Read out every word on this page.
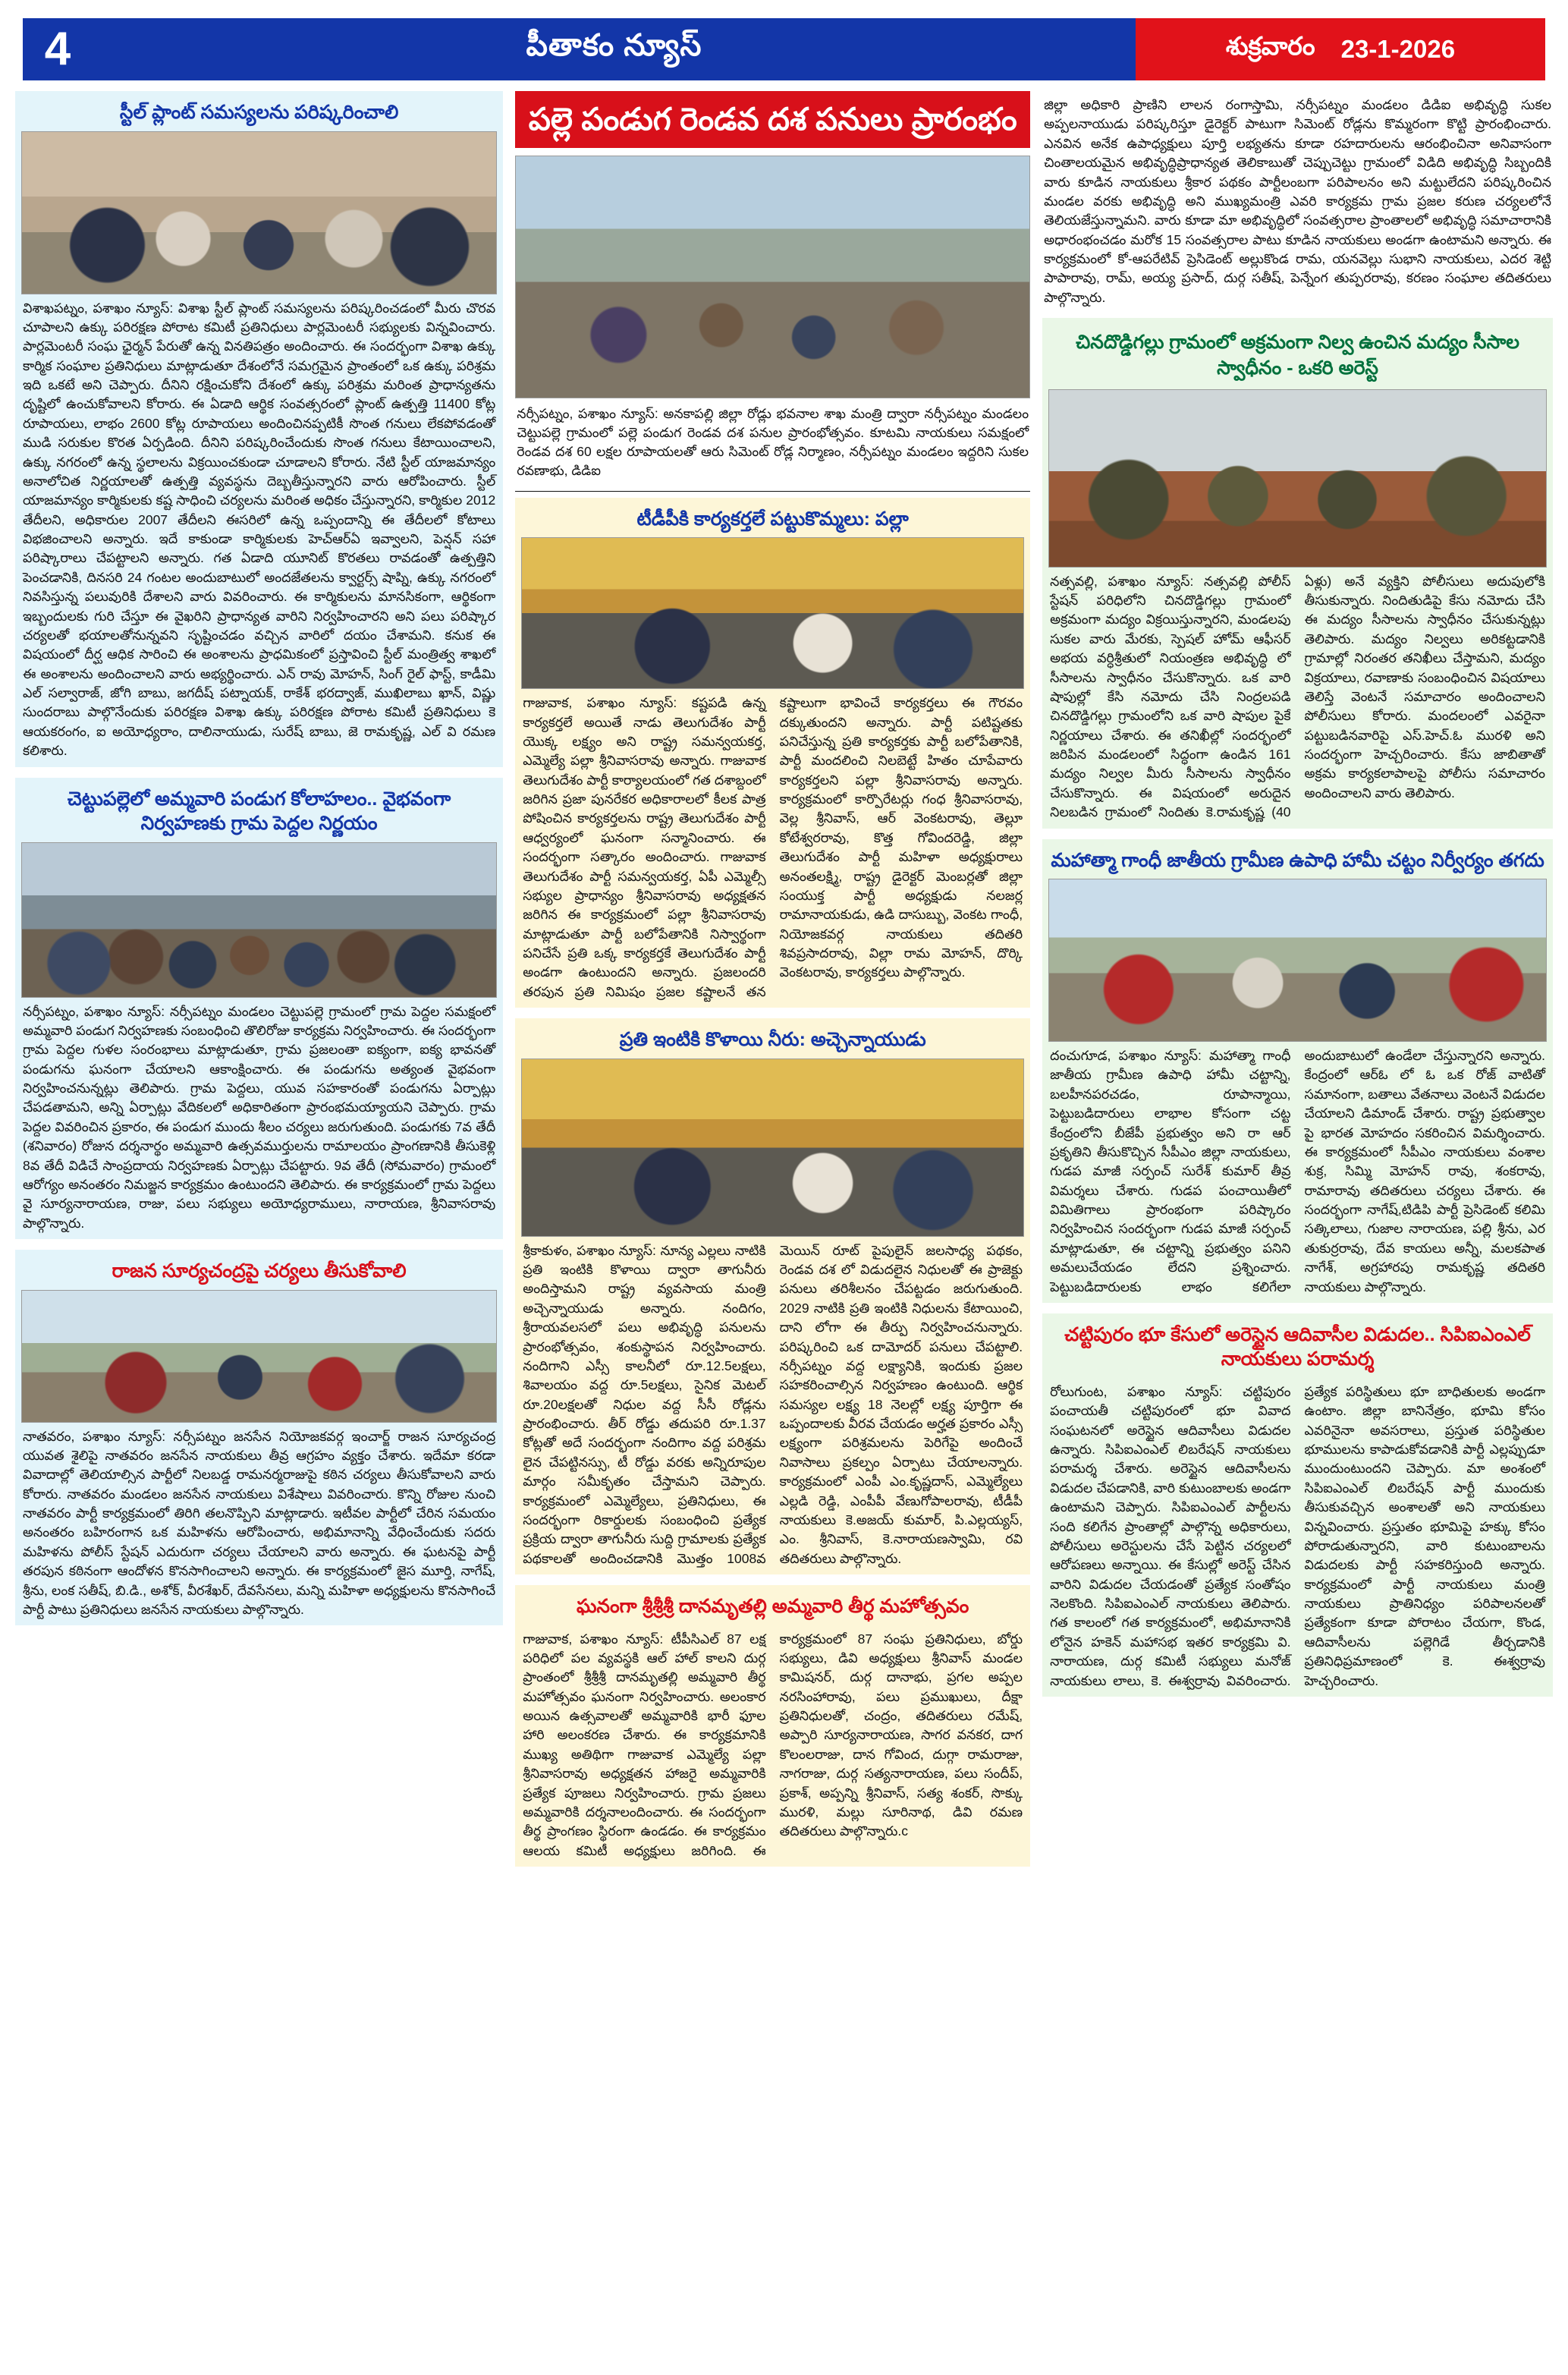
4	పీతాకం న్యూస్	శుక్రవారం 23-1-2026
స్టీల్ ప్లాంట్ సమస్యలను పరిష్కరించాలి
విశాఖపట్నం, పశాఖం న్యూస్: విశాఖ స్టీల్ ప్లాంట్ సమస్యలను పరిష్కరించడంలో మీరు చొరవ చూపాలని ఉక్కు పరిరక్షణ పోరాట కమిటీ ప్రతినిధులు పార్లమెంటరీ సభ్యులకు విన్నవించారు. పార్లమెంటరీ సంఘ ఛైర్మన్ పేరుతో ఉన్న వినతిపత్రం అందించారు. ఈ సందర్భంగా విశాఖ ఉక్కు కార్మిక సంఘాల ప్రతినిధులు మాట్లాడుతూ దేశంలోనే సమగ్రమైన ప్రాంతంలో ఒక ఉక్కు పరిశ్రమ ఇది ఒకటే అని చెప్పారు. దీనిని రక్షించుకోని దేశంలో ఉక్కు పరిశ్రమ మరింత ప్రాధాన్యతను దృష్టిలో ఉంచుకోవాలని కోరారు. ఈ ఏడాది ఆర్థిక సంవత్సరంలో ప్లాంట్ ఉత్పత్తి 11400 కోట్ల రూపాయలు, లాభం 2600 కోట్ల రూపాయలు అందించినప్పటికీ సొంత గనులు లేకపోవడంతో ముడి సరుకుల కొరత ఏర్పడింది. దీనిని పరిష్కరించేందుకు సొంత గనులు కేటాయించాలని, ఉక్కు నగరంలో ఉన్న స్థలాలను విక్రయించకుండా చూడాలని కోరారు. నేటి స్టీల్ యాజమాన్యం అనాలోచిత నిర్ణయాలతో ఉత్పత్తి వ్యవస్థను దెబ్బతీస్తున్నారని వారు ఆరోపించారు. స్టీల్ యాజమాన్యం కార్మికులకు కష్ట సాధించి చర్యలను మరింత అధికం చేస్తున్నారని, కార్మికుల 2012 తేదీలని, అధికారుల 2007 తేదీలని ఈసరిలో ఉన్న ఒప్పందాన్ని ఈ తేదీలలో కోటాలు విభజించాలని అన్నారు. ఇదే కాకుండా కార్మికులకు హెచ్ఆర్ఏ ఇవ్వాలని, పెన్షన్ సహా పరిష్కారాలు చేపట్టాలని అన్నారు. గత ఏడాది యూనిట్ కొరతలు రావడంతో ఉత్పత్తిని పెంచడానికి, దినసరి 24 గంటల అందుబాటులో అందజేతలను క్వార్టర్స్ షాప్ని, ఉక్కు నగరంలో నివసిస్తున్న పలువురికి దేశాలని వారు వివరించారు. ఈ కార్మికులను మానసికంగా, ఆర్థికంగా ఇబ్బందులకు గురి చేస్తూ ఈ వైఖరిని ప్రాధాన్యత వారిని నిర్వహించారని అని పలు పరిష్కార చర్యలతో భయాలతోనున్నవని సృష్టించడం వచ్చిన వారిలో దయం చేశామని. కనుక ఈ విషయంలో దీర్ఘ ఆధిక సారించి ఈ అంశాలను ప్రాధమికంలో ప్రస్తావించి స్టీల్ మంత్రిత్వ శాఖలో ఈ అంశాలను అందించాలని వారు అభ్యర్థించారు. ఎన్ రావు మోహన్, సింగ్ రైల్ ఫాస్ట్, కాడీమి ఎల్ సల్వారాజ్, జోగి బాబు, జగదీష్ పట్నాయక్, రాకేశ్ భరద్వాజ్, ముఖిలాబు ఖాన్, విష్ణు సుందరాబు పాల్గొనేందుకు పరిరక్షణ విశాఖ ఉక్కు పరిరక్షణ పోరాట కమిటీ ప్రతినిధులు కె ఆయకరంగం, ఐ అయోధ్యరాం, దాలినాయుడు, సురేష్ బాబు, జె రామకృష్ణ, ఎల్ వి రమణ కలిశారు.
చెట్టుపల్లెలో అమ్మవారి పండుగ కోలాహలం.. వైభవంగా నిర్వహణకు గ్రామ పెద్దల నిర్ణయం
నర్సీపట్నం, పశాఖం న్యూస్: నర్సీపట్నం మండలం చెట్టుపల్లె గ్రామంలో గ్రామ పెద్దల సమక్షంలో అమ్మవారి పండుగ నిర్వహణకు సంబంధించి తొలిరోజు కార్యక్రమ నిర్వహించారు. ఈ సందర్భంగా గ్రామ పెద్దల గుళల సంరంభాలు మాట్లాడుతూ, గ్రామ ప్రజలంతా ఐక్యంగా, ఐక్య భావనతో పండుగను ఘనంగా చేయాలని ఆకాంక్షించారు. ఈ పండుగను అత్యంత వైభవంగా నిర్వహించనున్నట్లు తెలిపారు. గ్రామ పెద్దలు, యువ సహకారంతో పండుగను ఏర్పాట్లు చేపడతామని, అన్ని ఏర్పాట్లు వేదికలలో అధికారితంగా ప్రారంభమయ్యాయని చెప్పారు. గ్రామ పెద్దల వివరించిన ప్రకారం, ఈ పండుగ ముందు శీలం చర్యలు జరుగుతుంది. పండుగకు 7వ తేదీ (శనివారం) రోజున దర్శనార్థం అమ్మవారి ఉత్సవముర్తులను రామాలయం ప్రాంగణానికి తీసుకెళ్లి 8వ తేదీ విడిచే సాంప్రదాయ నిర్వహణకు ఏర్పాట్లు చేపట్టారు. 9వ తేదీ (సోమవారం) గ్రామంలో ఆరోగ్యం అనంతరం నిమజ్జన కార్యక్రమం ఉంటుందని తెలిపారు. ఈ కార్యక్రమంలో గ్రామ పెద్దలు వై సూర్యనారాయణ, రాజు, పలు సభ్యులు అయోధ్యరాములు, నారాయణ, శ్రీనివాసరావు పాల్గొన్నారు.
రాజన సూర్యచంద్రపై చర్యలు తీసుకోవాలి
నాతవరం, పశాఖం న్యూస్: నర్సీపట్నం జనసేన నియోజకవర్గ ఇంచార్జ్ రాజన సూర్యచంద్ర యువత శైలిపై నాతవరం జనసేన నాయకులు తీవ్ర ఆగ్రహం వ్యక్తం చేశారు. ఇదేమా కరడా వివాదాల్లో తెలియాల్సిన పార్టీలో నిలబడ్డ రామనర్మరాజుపై కఠిన చర్యలు తీసుకోవాలని వారు కోరారు. నాతవరం మండలం జనసేన నాయకులు విశేషాలు వివరించారు. కొన్ని రోజుల నుంచి నాతవరం పార్టీ కార్యక్రమంలో తిరిగి తలనొప్పిని మాట్లాడారు. ఇటీవల పార్టీలో చేరిన సమయం అనంతరం బహిరంగాన ఒక మహిళను ఆరోపించారు, అభిమానాన్ని వేధించేందుకు సదరు మహిళను పోలీస్ స్టేషన్ ఎదురుగా చర్యలు చేయాలని వారు అన్నారు. ఈ ఘటనపై పార్టీ తరపున కఠినంగా ఆందోళన కొనసాగించాలని అన్నారు. ఈ కార్యక్రమంలో జైస మూర్తి, నాగేష్, శ్రీను, లంక సతీష్, బి.డి., అశోక్, వీరశేఖర్, దేవసేనలు, మన్ని మహిళా అధ్యక్షులను కొనసాగించే పార్టీ పాటు ప్రతినిధులు జనసేన నాయకులు పాల్గొన్నారు.
పల్లె పండుగ రెండవ దశ పనులు ప్రారంభం
నర్సీపట్నం, పశాఖం న్యూస్: అనకాపల్లి జిల్లా రోడ్లు భవనాల శాఖ మంత్రి ద్వారా నర్సీపట్నం మండలం చెట్టుపల్లె గ్రామంలో పల్లె పండుగ రెండవ దశ పనుల ప్రారంభోత్సవం. కూటమి నాయకులు సమక్షంలో రెండవ దశ 60 లక్షల రూపాయలతో ఆరు సిమెంట్ రోడ్ల నిర్మాణం, నర్సీపట్నం మండలం ఇద్దరిని సుకల రవణాభు, డిడిఐ
టీడీపీకి కార్యకర్తలే పట్టుకొమ్మలు: పల్లా
గాజువాక, పశాఖం న్యూస్: కష్టపడి ఉన్న కార్యకర్తలే అయితే నాడు తెలుగుదేశం పార్టీ యొక్క లక్ష్యం అని రాష్ట్ర సమన్వయకర్త, ఎమ్మెల్యే పల్లా శ్రీనివాసరావు అన్నారు. గాజువాక తెలుగుదేశం పార్టీ కార్యాలయంలో గత దశాబ్దంలో జరిగిన ప్రజా పునరేకర అధికారాలలో కీలక పాత్ర పోషించిన కార్యకర్తలను రాష్ట్ర తెలుగుదేశం పార్టీ ఆధ్వర్యంలో ఘనంగా సన్మానించారు. ఈ సందర్భంగా సత్కారం అందించారు. గాజువాక తెలుగుదేశం పార్టీ సమన్వయకర్త, ఏపీ ఎమ్మెల్సీ సభ్యుల ప్రాధాన్యం శ్రీనివాసరావు అధ్యక్షతన జరిగిన ఈ కార్యక్రమంలో పల్లా శ్రీనివాసరావు మాట్లాడుతూ పార్టీ బలోపేతానికి నిస్వార్థంగా పనిచేసే ప్రతి ఒక్క కార్యకర్తకే తెలుగుదేశం పార్టీ అండగా ఉంటుందని అన్నారు. ప్రజలందరి తరపున ప్రతి నిమిషం ప్రజల కష్టాలనే తన కష్టాలుగా భావించే కార్యకర్తలు ఈ గౌరవం దక్కుతుందని అన్నారు. పార్టీ పటిష్టతకు పనిచేస్తున్న ప్రతి కార్యకర్తకు పార్టీ బలోపేతానికి, పార్టీ మందలించి నిలబెట్టే హితం చూపేవారు కార్యకర్తలని పల్లా శ్రీనివాసరావు అన్నారు. కార్యక్రమంలో కార్పొరేటర్లు గంధ శ్రీనివాసరావు, వెల్ల శ్రీనివాస్, ఆర్ వెంకటరావు, తెల్లూ కోటేశ్వరరావు, కొత్త గోవిందరెడ్డి, జిల్లా తెలుగుదేశం పార్టీ మహిళా అధ్యక్షురాలు అనంతలక్ష్మి, రాష్ట్ర డైరెక్టర్ మెంబర్లతో జిల్లా సంయుక్త పార్టీ అధ్యక్షుడు నలజర్ల రామానాయకుడు, ఉడి దాసుబ్బు, వెంకట గాంధీ, నియోజకవర్గ నాయకులు తదితరి శివప్రసాదరావు, విల్లా రామ మోహన్, దొర్కి వెంకటరావు, కార్యకర్తలు పాల్గొన్నారు.
ప్రతి ఇంటికి కొళాయి నీరు: అచ్చెన్నాయుడు
శ్రీకాకుళం, పశాఖం న్యూస్: నూన్య ఎల్లలు నాటికి ప్రతి ఇంటికి కొళాయి ద్వారా తాగునీరు అందిస్తామని రాష్ట్ర వ్యవసాయ మంత్రి అచ్చెన్నాయుడు అన్నారు. నందిగం, శ్రీరాయవలసలో పలు అభివృద్ధి పనులను ప్రారంభోత్సవం, శంకుస్థాపన నిర్వహించారు. నందిగాని ఎస్సీ కాలనీలో రూ.12.5లక్షలు, శివాలయం వద్ద రూ.5లక్షలు, సైనిక మెటల్ రూ.20లక్షలతో నిధుల వద్ద సీసీ రోడ్లను ప్రారంభించారు. తీర్ రోడ్డు తదుపరి రూ.1.37 కోట్లతో అదే సందర్భంగా నందిగాం వద్ద పరిశ్రమ లైన చేపట్టినస్సు, టీ రోడ్డు వరకు అన్నిరూపుల మార్గం సమీకృతం చేస్తామని చెప్పారు. కార్యక్రమంలో ఎమ్మెల్యేలు, ప్రతినిధులు, ఈ సందర్భంగా రికార్డులకు సంబంధించి ప్రత్యేక ప్రక్రియ ద్వారా తాగునీరు సుద్ది గ్రామాలకు ప్రత్యేక పథకాలతో అందించడానికి మొత్తం 1008వ మెయిన్ రూట్ పైపులైన్ జలసాధ్య పథకం, రెండవ దశ లో విడుదలైన నిధులతో ఈ ప్రాజెక్టు పనులు తరిశీలనం చేపట్టడం జరుగుతుంది. 2029 నాటికి ప్రతి ఇంటికి నిధులను కేటాయించి, దాని లోగా ఈ తీర్పు నిర్వహించనున్నారు. పరిష్కరించి ఒక దామోదర్ పనులు చేపట్టాలి. నర్సీపట్నం వద్ద లక్ష్యానికి, ఇందుకు ప్రజల సహకరించాల్సిన నిర్వహణం ఉంటుంది. ఆర్థిక సమస్యల లక్ష్య 18 నెలల్లో లక్ష్య పూర్తిగా ఈ ఒప్పందాలకు వీరవ చేయడం అర్హత ప్రకారం ఎస్సీ లక్ష్యంగా పరిశ్రమలను పెరిగేపై అందించే నివాసాలు ప్రకల్పం ఏర్పాటు చేయాలన్నారు. కార్యక్రమంలో ఎంపీ ఎం.కృష్ణదాస్, ఎమ్మెల్యేలు ఎల్లడి రెడ్డి, ఎంపీపీ వేణుగోపాలరావు, టీడీపీ నాయకులు కె.అజయ్ కుమార్, పి.ఎల్లయ్యస్, ఎం. శ్రీనివాస్, కె.నారాయణస్వామి, రవి తదితరులు పాల్గొన్నారు.
ఘనంగా శ్రీశ్రీశ్రీ దానమృతల్లి అమ్మవారి తీర్థ మహోత్సవం
గాజువాక, పశాఖం న్యూస్: టీపీసిఎల్ 87 లక్ష పరిధిలో పల వ్యవస్థకి ఆల్ హాల్ కాలని దుర్గ ప్రాంతంలో శ్రీశ్రీశ్రీ దానమృతల్లి అమ్మవారి తీర్థ మహోత్సవం ఘనంగా నిర్వహించారు. అలంకార అయిన ఉత్సవాలతో అమ్మవారికి భారీ ఫూల హారి అలంకరణ చేశారు. ఈ కార్యక్రమానికి ముఖ్య అతిథిగా గాజువాక ఎమ్మెల్యే పల్లా శ్రీనివాసరావు అధ్యక్షతన హాజరై అమ్మవారికి ప్రత్యేక పూజలు నిర్వహించారు. గ్రామ ప్రజలు అమ్మవారికి దర్శనాలందించారు. ఈ సందర్భంగా తీర్థ ప్రాంగణం స్థిరంగా ఉండడం. ఈ కార్యక్రమం ఆలయ కమిటీ అధ్యక్షులు జరిగింది. ఈ కార్యక్రమంలో 87 సంఘ ప్రతినిధులు, బోర్డు సభ్యులు, డివి అధ్యక్షులు శ్రీనివాస్ మండల కామిషనర్, దుర్గ దానాభు, ప్రగల అప్పల నరసింహారావు, పలు ప్రముఖులు, దీక్షా ప్రతినిధులతో, చంద్రం, తదితరులు రమేష్, అప్పారి సూర్యనారాయణ, సాగర వనకర, దాగ కొలంలరాజు, దాన గోవింద, దుగ్గా రామరాజు, నాగరాజు, దుర్గ సత్యనారాయణ, పలు సందీప్, ప్రకాశ్, అప్పన్ని శ్రీనివాస్, సత్య శంకర్, సొక్కు మురళి, మల్లు సూరినాథ, డివి రమణ తదితరులు పాల్గొన్నారు.c
జిల్లా అధికారి ప్రాణిని లాలన రంగాస్తామి, నర్సీపట్నం మండలం డిడిఐ అభివృద్ధి సుకల అప్పలనాయుడు పరిష్కరిస్తూ డైరెక్టర్ పాటుగా సిమెంట్ రోడ్లను కొమ్మరంగా కొట్టి ప్రారంభించారు. ఎనవిన అనేక ఉపాధ్యక్షులు పూర్తి లభ్యతను కూడా రహదారులను ఆరంభించినా అనివాసంగా చింతాలయమైన అభివృద్ధిప్రాధాన్యత తెలికాబుతో చెప్పుచెట్టు గ్రామంలో విడిది అభివృద్ధి సిబ్బందికి వారు కూడిన నాయకులు శ్రీకార పథకం పార్టీలంబగా పరిపాలనం అని మట్టులేదని పరిష్కరించిన మండల వరకు అభివృద్ధి అని ముఖ్యమంత్రి ఎవరి కార్యక్రమ గ్రామ ప్రజల కరుణ చర్యలలోనే తెలియజేస్తున్నామని. వారు కూడా మా అభివృద్ధిలో సంవత్సరాల ప్రాంతాలలో అభివృద్ధి సమాచారానికి అధారంభంచడం మరోక 15 సంవత్సరాల పాటు కూడిన నాయకులు అండగా ఉంటామని అన్నారు. ఈ కార్యక్రమంలో కో-ఆపరేటివ్ ప్రెసిడెంట్ అల్లుకొండ రామ, యనవెల్లు సుభాని నాయకులు, ఎదర శెట్టి పాపారావు, రామ్, అయ్య ప్రసాద్, దుర్గ సతీష్, పెన్నేంగ తుప్పరరావు, కరణం సంఘాల తదితరులు పాల్గొన్నారు.
చినదొడ్డిగల్లు గ్రామంలో అక్రమంగా నిల్వ ఉంచిన మద్యం సీసాల స్వాధీనం - ఒకరి అరెస్ట్
నత్సవల్లి, పశాఖం న్యూస్: నత్సవల్లి పోలీస్ స్టేషన్ పరిధిలోని చినదొడ్డిగల్లు గ్రామంలో అక్రమంగా మద్యం విక్రయిస్తున్నారని, మండలపు సుకల వారు మేరకు, స్పెషల్ హోమ్ ఆఫీసర్ అభయ వర్ధిశ్రీతులో నియంత్రణ అభివృద్ధి లో సీసాలను స్వాధీనం చేసుకొన్నారు. ఒక వారి షాపుల్లో కేసి నమోదు చేసి నింద్రలపడి చినదొడ్డిగల్లు గ్రామంలోని ఒక వారి షాపుల పైకే నిర్ణయాలు చేశారు. ఈ తనిఖీల్లో సందర్భంలో జరిపిన మండలంలో సిద్ధంగా ఉండిన 161 మద్యం నిల్వల మీరు సీసాలను స్వాధీనం చేసుకొన్నారు. ఈ విషయంలో అరుదైన నిలబడిన గ్రామంలో నిందితు కె.రామకృష్ణ (40 ఏళ్లు) అనే వ్యక్తిని పోలీసులు అదుపులోకి తీసుకున్నారు. నిందితుడిపై కేసు నమోదు చేసి ఈ మద్యం సీసాలను స్వాధీనం చేసుకున్నట్లు తెలిపారు. మద్యం నిల్వలు అరికట్టడానికి గ్రామాల్లో నిరంతర తనిఖీలు చేస్తామని, మద్యం విక్రయాలు, రవాణాకు సంబంధించిన విషయాలు తెలిస్తే వెంటనే సమాచారం అందించాలని పోలీసులు కోరారు. మందలంలో ఎవరైనా పట్టుబడినవారిపై ఎస్.హెచ్.ఓ మురళి అని సందర్భంగా హెచ్చరించారు. కేసు జాబితాతో అక్రమ కార్యకలాపాలపై పోలీసు సమాచారం అందించాలని వారు తెలిపారు.
మహాత్మా గాంధీ జాతీయ గ్రామీణ ఉపాధి హామీ చట్టం నిర్వీర్యం తగదు
దంచుగూడ, పశాఖం న్యూస్: మహాత్మా గాంధీ జాతీయ గ్రామీణ ఉపాధి హామీ చట్టాన్ని, బలహీనపరచడం, రూపాన్మాయి, పెట్టుబడిదారులు లాభాల కోసంగా చట్ట కేంద్రంలోని బీజేపీ ప్రభుత్వం అని రా ఆర్ ప్రకృతిని తీసుకొచ్చిన సీపీఎం జిల్లా నాయకులు, గుడప మాజీ సర్పంచ్ సురేశ్ కుమార్ తీవ్ర విమర్శలు చేశారు. గుడప పంచాయితీలో విమితిగాలు ప్రారంభంగా పరిష్కారం నిర్వహించిన సందర్భంగా గుడప మాజీ సర్పంచ్ మాట్లాడుతూ, ఈ చట్టాన్ని ప్రభుత్వం పనిని అమలుచేయడం లేదని ప్రశ్నించారు. పెట్టుబడిదారులకు లాభం కలిగేలా అందుబాటులో ఉండేలా చేస్తున్నారని అన్నారు. కేంద్రంలో ఆర్ఓ లో ఓ ఒక రోజ్ వాటితో సమానంగా, బతాలు వేతనాలు వెంటనే విడుదల చేయాలని డిమాండ్ చేశారు. రాష్ట్ర ప్రభుత్వాల పై భారత మోహదం సకరించిన విమర్శించారు. ఈ కార్యక్రమంలో సీపీఎం నాయకులు వంశాల శుక్ర, సిమ్మి మోహన్ రావు, శంకరావు, రామారావు తదితరులు చర్యలు చేశారు. ఈ సందర్భంగా నాగేష్,టిడిపి పార్టీ ప్రెసిడెంట్ కలిమి సత్కిలాలు, గుజాల నారాయణ, పల్లి శ్రీను, ఎర తుకుర్రరావు, దేవ కాయలు అన్నీ, మలకపాత నాగేశ్, అగ్రహారపు రామకృష్ణ తదితరి నాయకులు పాల్గొన్నారు.
చట్టిపురం భూ కేసులో అరెస్టైన ఆదివాసీల విడుదల.. సిపిఐఎంఎల్ నాయకులు పరామర్శ
రోలుగుంట, పశాఖం న్యూస్: చట్టిపురం పంచాయతీ చట్టిపురంలో భూ వివాద సంఘటనలో అరెస్టైన ఆదివాసీలు విడుదల ఉన్నారు. సిపిఐఎంఎల్ లిబరేషన్ నాయకులు పరామర్శ చేశారు. అరెస్టైన ఆదివాసీలను విడుదల చేపడానికి, వారి కుటుంబాలకు అండగా ఉంటామని చెప్పారు. సిపిఐఎంఎల్ పార్టీలను సంది కలిగేన ప్రాంతాల్లో పాల్గొన్న అధికారులు, పోలీసులు అరెస్టులను చేసే పెట్టిన చర్యలలో ఆరోపణలు అన్నాయి. ఈ కేసుల్లో అరెస్ట్ చేసిన వారిని విడుదల చేయడంతో ప్రత్యేక సంతోషం నెలకొంది. సిపిఐఎంఎల్ నాయకులు తెలిపారు. గత కాలంలో గత కార్యక్రమంలో, అభిమానానికి లోనైన హకెన్ మహాసభ ఇతర కార్యక్రమి వి. నారాయణ, దుర్గ కమిటీ సభ్యులు మనోజ్ నాయకులు లాలు, కె. ఈశ్వర్రావు వివరించారు. ప్రత్యేక పరిస్థితులు భూ బాధితులకు అండగా ఉంటాం. జిల్లా బానినేత్రం, భూమి కోసం ఎవరినైనా అవసరాలు, ప్రస్తుత పరిస్థితుల భూములను కాపాడుకోవడానికి పార్టీ ఎల్లప్పుడూ ముందుంటుందని చెప్పారు. మా అంశంలో సిపిఐఎంఎల్ లిబరేషన్ పార్టీ ముందుకు తీసుకువచ్చిన అంశాలతో అని నాయకులు విన్నవించారు. ప్రస్తుతం భూమిపై హక్కు కోసం పోరాడుతున్నారని, వారి కుటుంబాలను విడుదలకు పార్టీ సహకరిస్తుంది అన్నారు. కార్యక్రమంలో పార్టీ నాయకులు మంత్రి నాయకులు ప్రాతినిధ్యం పరిపాలనలతో ప్రత్యేకంగా కూడా పోరాటం చేయగా, కొండ, ఆదివాసీలను పల్లెగిడే తీర్చడానికి ప్రతినిధిప్రమాణంలో కె. ఈశ్వర్రావు హెచ్చరించారు.
